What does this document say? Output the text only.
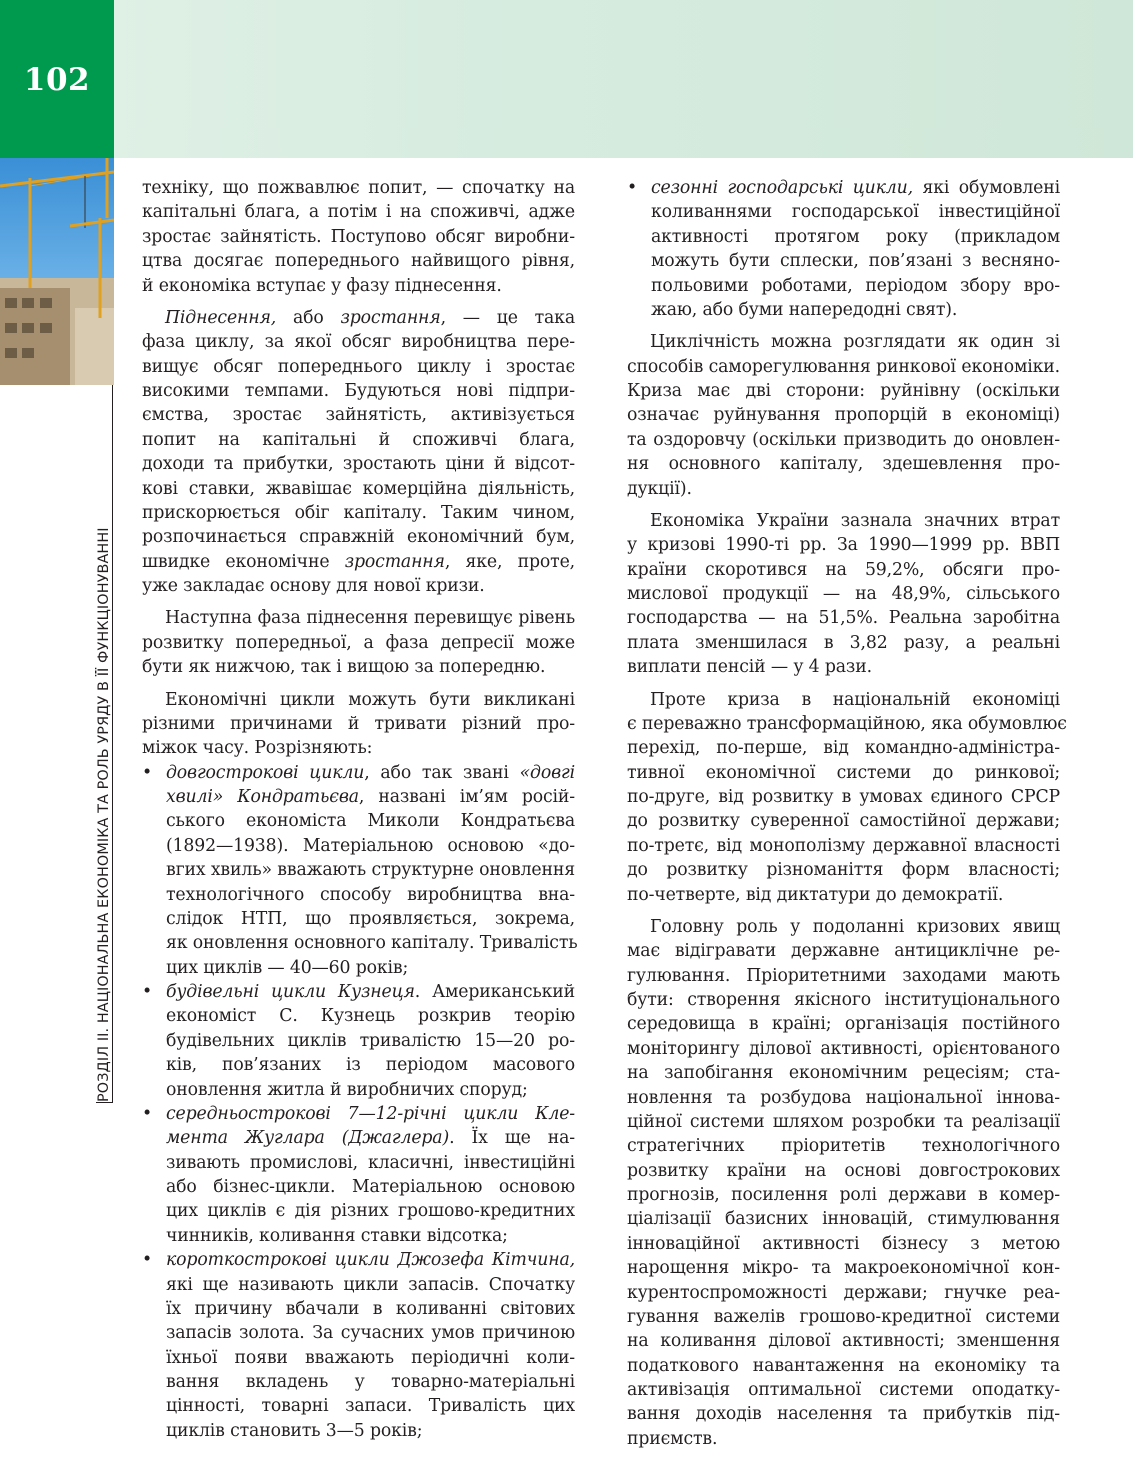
102
РОЗДІЛ ІІ. НАЦІОНАЛЬНА ЕКОНОМІКА ТА РОЛЬ УРЯДУ В ЇЇ ФУНКЦІОНУВАННІ
техніку, що пожвавлює попит, — спочатку на
капітальні блага, а потім і на споживчі, адже
зростає зайнятість. Поступово обсяг виробни-
цтва досягає попереднього найвищого рівня,
й економіка вступає у фазу піднесення.
Піднесення, або зростання, — це така
фаза циклу, за якої обсяг виробництва пере-
вищує обсяг попереднього циклу і зростає
високими темпами. Будуються нові підпри-
ємства, зростає зайнятість, активізується
попит на капітальні й споживчі блага,
доходи та прибутки, зростають ціни й відсот-
кові ставки, жвавішає комерційна діяльність,
прискорюється обіг капіталу. Таким чином,
розпочинається справжній економічний бум,
швидке економічне зростання, яке, проте,
уже закладає основу для нової кризи.
Наступна фаза піднесення перевищує рівень
розвитку попередньої, а фаза депресії може
бути як нижчою, так і вищою за попередню.
Економічні цикли можуть бути викликані
різними причинами й тривати різний про-
міжок часу. Розрізняють:
• довгострокові цикли, або так звані «довгі
хвилі» Кондратьєва, названі ім’ям росій-
ського економіста Миколи Кондратьєва
(1892—1938). Матеріальною основою «до-
вгих хвиль» вважають структурне оновлення
технологічного способу виробництва вна-
слідок НТП, що проявляється, зокрема,
як оновлення основного капіталу. Тривалість
цих циклів — 40—60 років;
• будівельні цикли Кузнеця. Американський
економіст С. Кузнець розкрив теорію
будівельних циклів тривалістю 15—20 ро-
ків, пов’язаних із періодом масового
оновлення житла й виробничих споруд;
• середньострокові 7—12-річні цикли Кле-
мента Жуглара (Джаглера). Їх ще на-
зивають промислові, класичні, інвестиційні
або бізнес-цикли. Матеріальною основою
цих циклів є дія різних грошово-кредитних
чинників, коливання ставки відсотка;
• короткострокові цикли Джозефа Кітчина,
які ще називають цикли запасів. Спочатку
їх причину вбачали в коливанні світових
запасів золота. За сучасних умов причиною
їхньої появи вважають періодичні коли-
вання вкладень у товарно-матеріальні
цінності, товарні запаси. Тривалість цих
циклів становить 3—5 років;
• сезонні господарські цикли, які обумовлені
коливаннями господарської інвестиційної
активності протягом року (прикладом
можуть бути сплески, пов’язані з весняно-
польовими роботами, періодом збору вро-
жаю, або буми напередодні свят).
Циклічність можна розглядати як один зі
способів саморегулювання ринкової економіки.
Криза має дві сторони: руйнівну (оскільки
означає руйнування пропорцій в економіці)
та оздоровчу (оскільки призводить до оновлен-
ня основного капіталу, здешевлення про-
дукції).
Економіка України зазнала значних втрат
у кризові 1990-ті рр. За 1990—1999 рр. ВВП
країни скоротився на 59,2%, обсяги про-
мислової продукції — на 48,9%, сільського
господарства — на 51,5%. Реальна заробітна
плата зменшилася в 3,82 разу, а реальні
виплати пенсій — у 4 рази.
Проте криза в національній економіці
є переважно трансформаційною, яка обумовлює
перехід, по-перше, від командно-адміністра-
тивної економічної системи до ринкової;
по-друге, від розвитку в умовах єдиного СРСР
до розвитку суверенної самостійної держави;
по-третє, від монополізму державної власності
до розвитку різноманіття форм власності;
по-четверте, від диктатури до демократії.
Головну роль у подоланні кризових явищ
має відігравати державне антициклічне ре-
гулювання. Пріоритетними заходами мають
бути: створення якісного інституціонального
середовища в країні; організація постійного
моніторингу ділової активності, орієнтованого
на запобігання економічним рецесіям; ста-
новлення та розбудова національної іннова-
ційної системи шляхом розробки та реалізації
стратегічних пріоритетів технологічного
розвитку країни на основі довгострокових
прогнозів, посилення ролі держави в комер-
ціалізації базисних інновацій, стимулювання
інноваційної активності бізнесу з метою
нарощення мікро- та макроекономічної кон-
курентоспроможності держави; гнучке реа-
гування важелів грошово-кредитної системи
на коливання ділової активності; зменшення
податкового навантаження на економіку та
активізація оптимальної системи оподатку-
вання доходів населення та прибутків під-
приємств.
